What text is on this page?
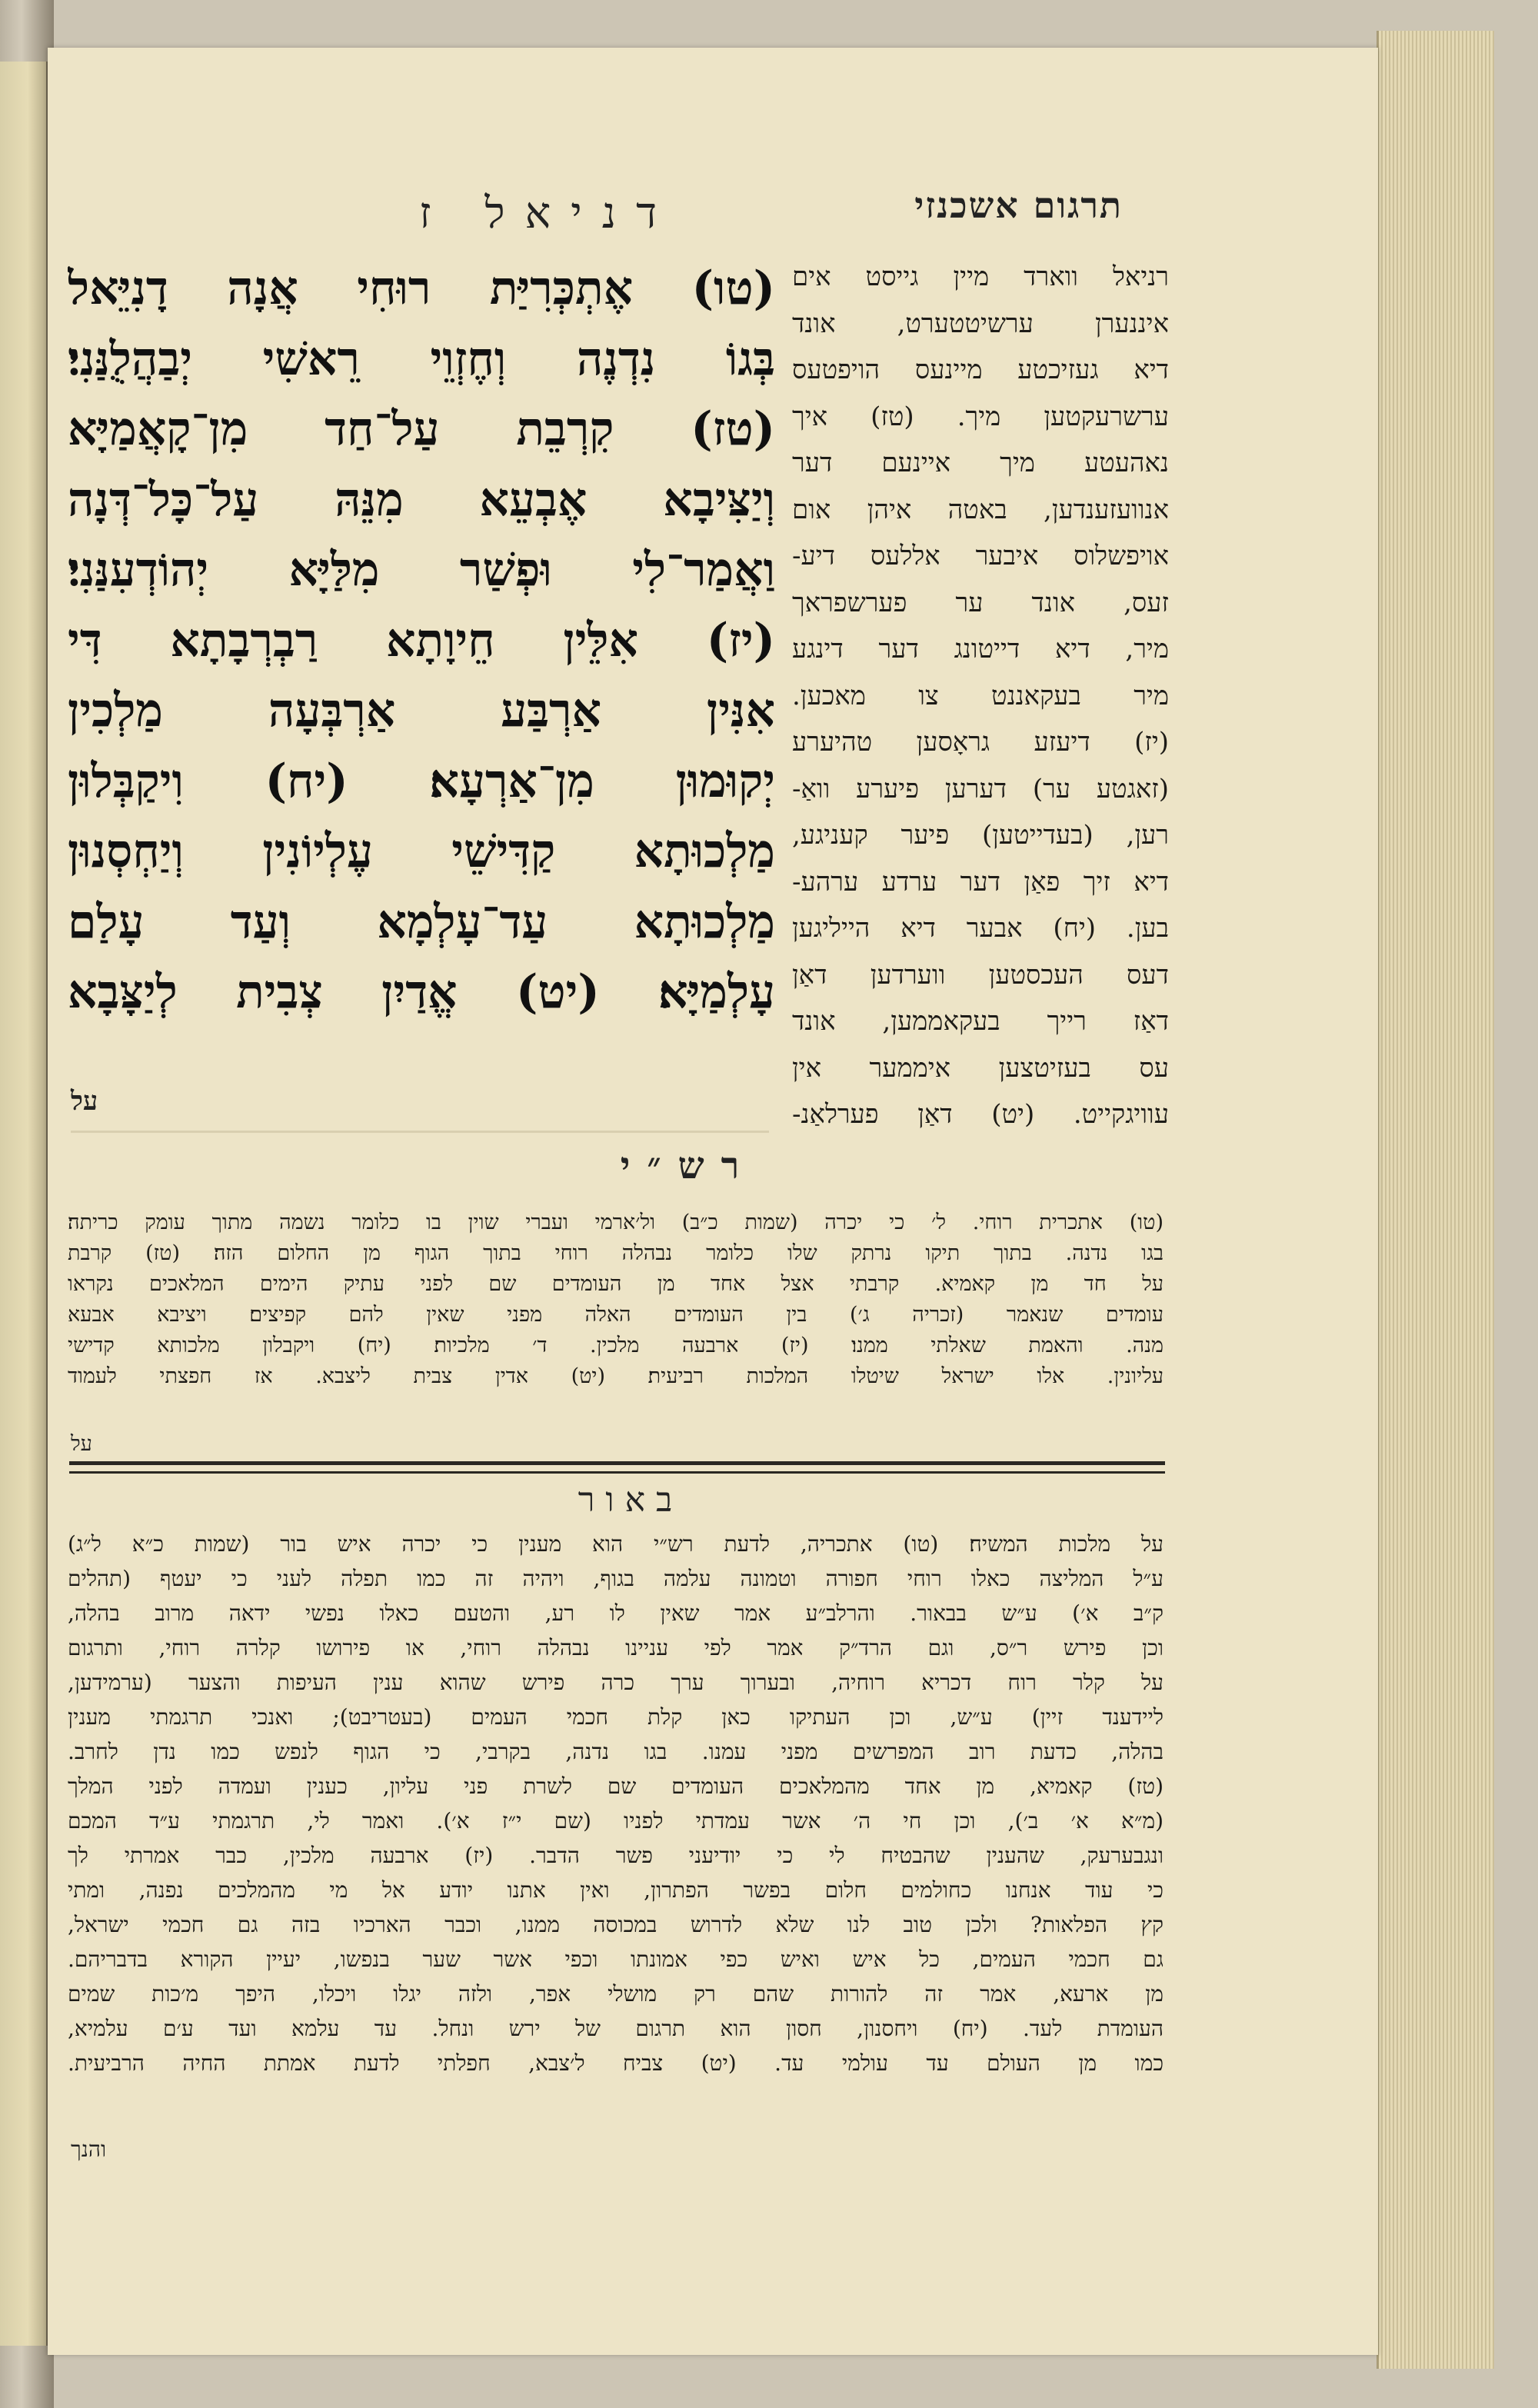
תרגום אשכנזי
דניאל ז
רניאל ווארד מיין גייסט אים
איננערן ערשיטטערט, אונד
דיא געזיכטע מיינעס הויפטעס
ערשרעקטען מיך. (טז) איך
נאהעטע מיך איינעם דער
אנוועזענדען, באטה איהן אום
אויפשלוס איבער אללעס דיע-
זעס, אונד ער פערשפראך
מיר, דיא דייטונג דער דינגע
מיר בעקאננט צו מאכען.
(יז) דיעזע גראָסען טהיערע
(זאגטע ער) דערען פיערע וואַ-
רען, (בעדייטען) פיער קעניגע,
דיא זיך פאַן דער ערדע ערהע-
בען. (יח) אבער דיא הייליגען
דעס העכסטען ווערדען דאַן
דאַז רייך בעקאממען, אונד
עס בעזיטצען איממער אין
עוויגקייט. (יט) דאַן פערלאַנ-
(טו) אֶתְכְּרִיַּת רוּחִי אֲנָה דָנִיֵּאל
בְּגוֹ נִדְנֶה וְחֶזְוֵי רֵאשִׁי יְבַהֲלֻנַּנִי׃
(טז) קִרְבֵת עַל־חַד מִן־קָאֲמַיָּא
וְיַצִּיבָא אֶבְעֵא מִנֵּהּ עַל־כָּל־דְּנָה
וַאֲמַר־לִי וּפְשַׁר מִלַּיָּא יְהוֹדְעִנַּנִי׃
(יז) אִלֵּין חֵיוָתָא רַבְרְבָתָא דִּי
אִנִּין אַרְבַּע אַרְבְּעָה מַלְכִין
יְקוּמוּן מִן־אַרְעָא׃ (יח) וִיקַבְּלוּן
מַלְכוּתָא קַדִּישֵׁי עֶלְיוֹנִין וְיַחְסְנוּן
מַלְכוּתָא עַד־עָלְמָא וְעַד עָלַם
עָלְמַיָּא׃ (יט) אֱדַיִן צְבִית לְיַצָּבָא
על
רש״י
(טו) אתכרית רוחי. ל׳ כי יכרה (שמות כ״ב) ול׳ארמי ועברי שוין בו כלומר נשמה מתוך עומק כריתה׃
בגו נדנה. בתוך תיקו נרתק שלו כלומר נבהלה רוחי בתוך הגוף מן החלום הזה׃ (טז) קרבת
על חד מן קאמיא. קרבתי אצל אחד מן העומדים שם לפני עתיק הימים המלאכים נקראו
עומדים שנאמר (זכריה ג׳) בין העומדים האלה מפני שאין להם קפיצים׃ ויציבא אבעא
מנה. והאמת שאלתי ממנו׃ (יז) ארבעה מלכין. ד׳ מלכיות׃ (יח) ויקבלון מלכותא קדישי
עליונין. אלו ישראל שיטלו המלכות רביעית׃ (יט) אדין צבית ליצבא. אז חפצתי לעמוד
על
באור
על מלכות המשיח׃ (טו) אתכריה, לדעת רש״י הוא מענין כי יכרה איש בור (שמות כ״א ל״ג)
ע״ל המליצה כאלו רוחי חפורה וטמונה עלמה בגוף, ויהיה זה כמו תפלה לעני כי יעטף (תהלים
ק״ב א׳) ע״ש בבאור. והרלב״ע אמר שאין לו רע, והטעם כאלו נפשי ידאה מרוב בהלה,
וכן פירש ר״ס, וגם הרד״ק אמר לפי עניינו נבהלה רוחי, או פירושו קלרה רוחי, ותרגום
על קלר רוח דכריא רוחיה, ובערוך ערך כרה פירש שהוא ענין העיפות והצער (ערמידען,
ליידענד זיין) ע״ש, וכן העתיקו כאן קלת חכמי העמים (בעטריבט); ואנכי תרגמתי מענין
בהלה, כדעת רוב המפרשים מפני עמנו. בגו נדנה, בקרבי, כי הגוף לנפש כמו נדן לחרב.
(טז) קאמיא, מן אחד מהמלאכים העומדים שם לשרת פני עליון, כענין ועמדה לפני המלך
(מ״א א׳ ב׳), וכן חי ה׳ אשר עמדתי לפניו (שם י״ז א׳). ואמר לי, תרגמתי ע״ד המכם
ונגבערעק, שהענין שהבטיח לי כי יודיעני פשר הדבר. (יז) ארבעה מלכין, כבר אמרתי לך
כי עוד אנחנו כחולמים חלום בפשר הפתרון, ואין אתנו יודע אל מי מהמלכים נפנה, ומתי
קץ הפלאות? ולכן טוב לנו שלא לדרוש במכוסה ממנו, וכבר הארכיו בזה גם חכמי ישראל,
גם חכמי העמים, כל איש ואיש כפי אמונתו וכפי אשר שער בנפשו, יעיין הקורא בדבריהם.
מן ארעא, אמר זה להורות שהם רק מושלי אפר, ולזה יגלו ויכלו, היפך מ׳כות שמים
העומדת לעד. (יח) ויחסנון, חסון הוא תרגום של ירש ונחל. עד עלמא ועד ע׳ם עלמיא,
כמו מן העולם עד עולמי עד. (יט) צביח ל׳צבא, חפלתי לדעת אמתת החיה הרביעית.
והנך
